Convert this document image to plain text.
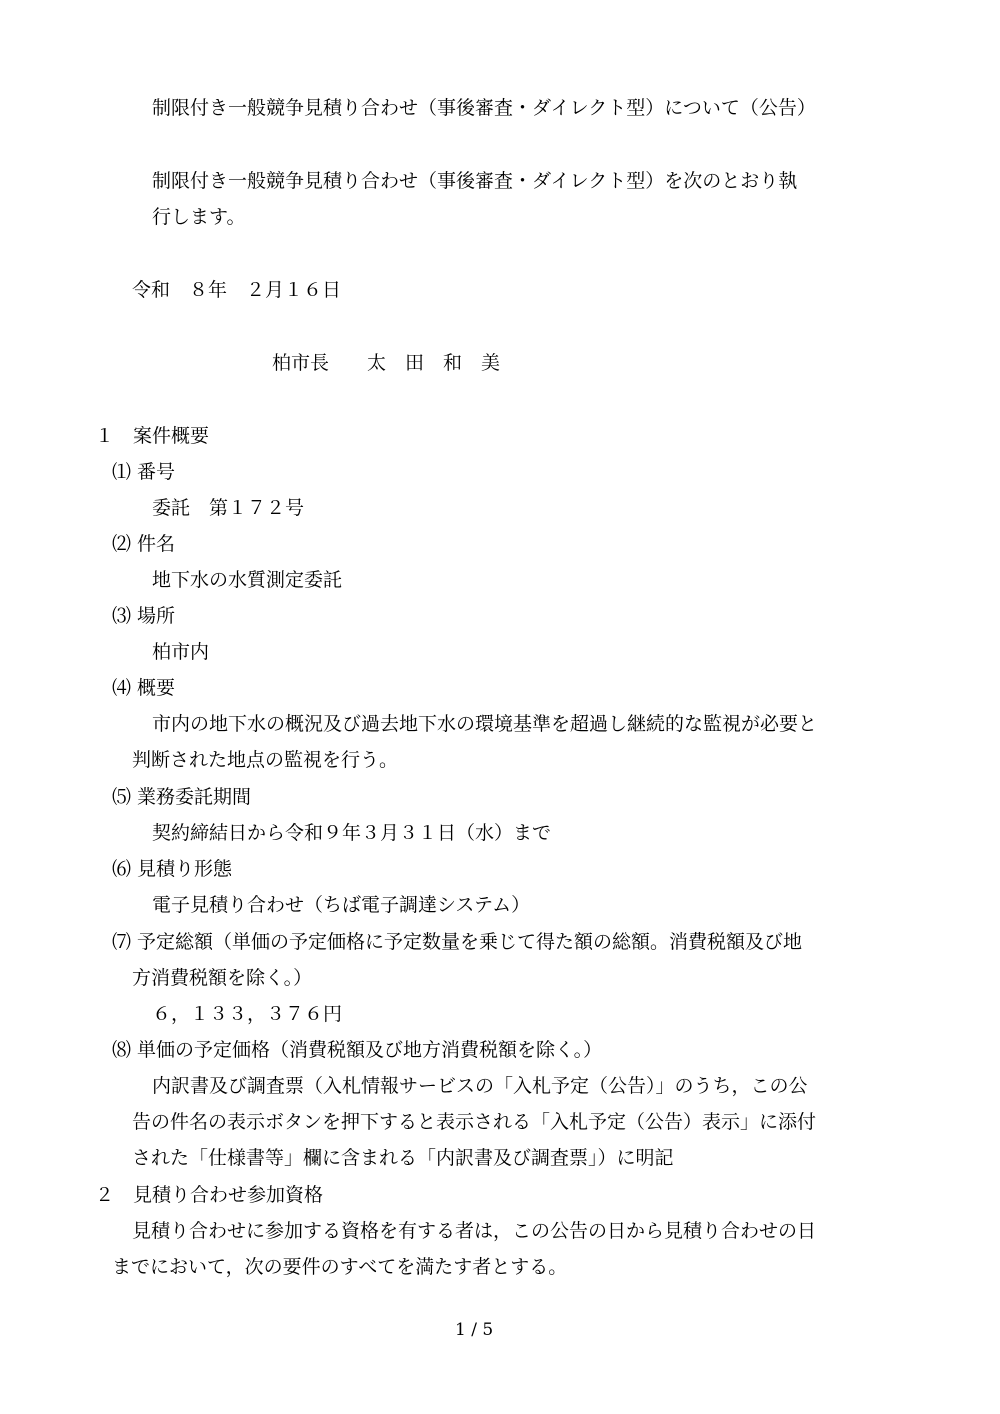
制限付き一般競争見積り合わせ（事後審査・ダイレクト型）について（公告）
制限付き一般競争見積り合わせ（事後審査・ダイレクト型）を次のとおり執
行します。
令和　８年　２月１６日
柏市長　　太　田　和　美
１　案件概要
⑴ 番号
委託　第１７２号
⑵ 件名
地下水の水質測定委託
⑶ 場所
柏市内
⑷ 概要
市内の地下水の概況及び過去地下水の環境基準を超過し継続的な監視が必要と
判断された地点の監視を行う。
⑸ 業務委託期間
契約締結日から令和９年３月３１日（水）まで
⑹ 見積り形態
電子見積り合わせ（ちば電子調達システム）
⑺ 予定総額（単価の予定価格に予定数量を乗じて得た額の総額。消費税額及び地
方消費税額を除く。）
６，１３３，３７６円
⑻ 単価の予定価格（消費税額及び地方消費税額を除く。）
内訳書及び調査票（入札情報サービスの「入札予定（公告）」のうち，この公
告の件名の表示ボタンを押下すると表示される「入札予定（公告）表示」に添付
された「仕様書等」欄に含まれる「内訳書及び調査票」）に明記
２　見積り合わせ参加資格
見積り合わせに参加する資格を有する者は，この公告の日から見積り合わせの日
までにおいて，次の要件のすべてを満たす者とする。
1 / 5
